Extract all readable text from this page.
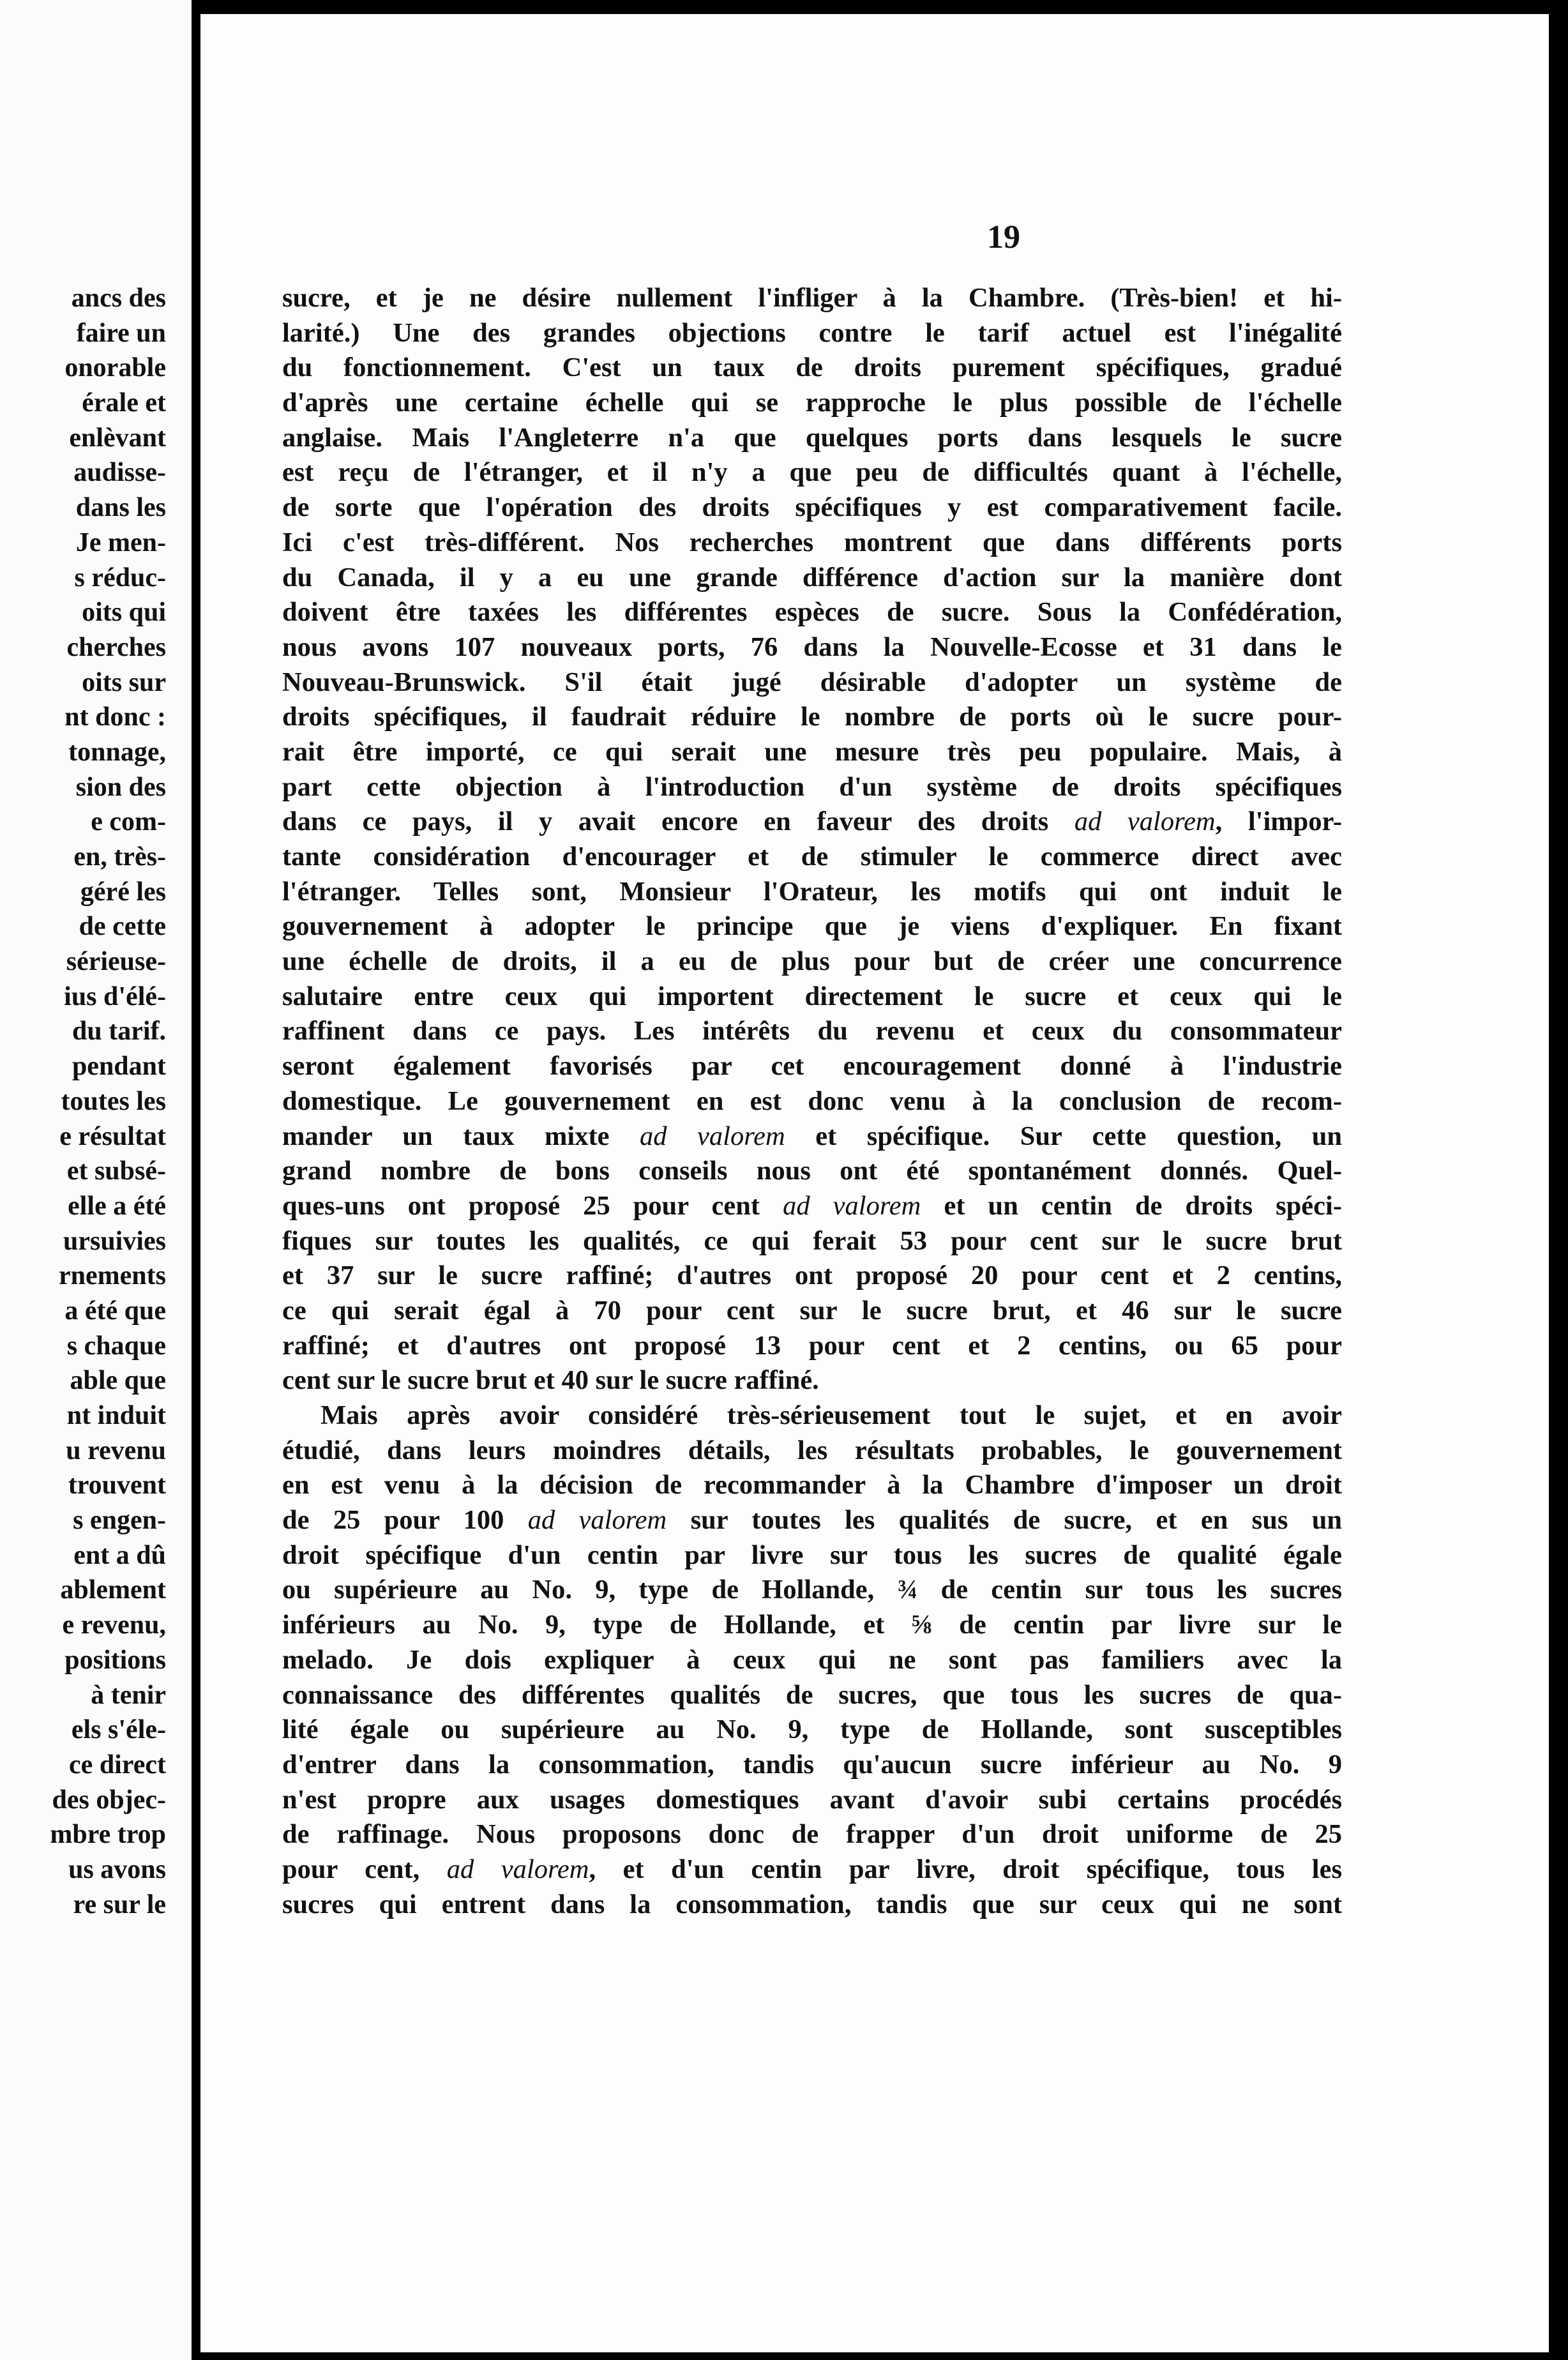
ancs des
faire un
onorable
érale et
enlèvant
audisse-
dans les
Je men-
s réduc-
oits qui
cherches
oits sur
nt donc :
tonnage,
sion des
e com-
en, très-
géré les
de cette
sérieuse-
ius d'élé-
du tarif.
pendant
toutes les
e résultat
et subsé-
elle a été
ursuivies
rnements
a été que
s chaque
able que
nt induit
u revenu
trouvent
s engen-
ent a dû
ablement
e revenu,
positions
à tenir
els s'éle-
ce direct
des objec-
mbre trop
us avons
re sur le
19
sucre, et je ne désire nullement l'infliger à la Chambre. (Très-bien! et hi-
larité.) Une des grandes objections contre le tarif actuel est l'inégalité
du fonctionnement. C'est un taux de droits purement spécifiques, gradué
d'après une certaine échelle qui se rapproche le plus possible de l'échelle
anglaise. Mais l'Angleterre n'a que quelques ports dans lesquels le sucre
est reçu de l'étranger, et il n'y a que peu de difficultés quant à l'échelle,
de sorte que l'opération des droits spécifiques y est comparativement facile.
Ici c'est très-différent. Nos recherches montrent que dans différents ports
du Canada, il y a eu une grande différence d'action sur la manière dont
doivent être taxées les différentes espèces de sucre. Sous la Confédération,
nous avons 107 nouveaux ports, 76 dans la Nouvelle-Ecosse et 31 dans le
Nouveau-Brunswick. S'il était jugé désirable d'adopter un système de
droits spécifiques, il faudrait réduire le nombre de ports où le sucre pour-
rait être importé, ce qui serait une mesure très peu populaire. Mais, à
part cette objection à l'introduction d'un système de droits spécifiques
dans ce pays, il y avait encore en faveur des droits ad valorem, l'impor-
tante considération d'encourager et de stimuler le commerce direct avec
l'étranger. Telles sont, Monsieur l'Orateur, les motifs qui ont induit le
gouvernement à adopter le principe que je viens d'expliquer. En fixant
une échelle de droits, il a eu de plus pour but de créer une concurrence
salutaire entre ceux qui importent directement le sucre et ceux qui le
raffinent dans ce pays. Les intérêts du revenu et ceux du consommateur
seront également favorisés par cet encouragement donné à l'industrie
domestique. Le gouvernement en est donc venu à la conclusion de recom-
mander un taux mixte ad valorem et spécifique. Sur cette question, un
grand nombre de bons conseils nous ont été spontanément donnés. Quel-
ques-uns ont proposé 25 pour cent ad valorem et un centin de droits spéci-
fiques sur toutes les qualités, ce qui ferait 53 pour cent sur le sucre brut
et 37 sur le sucre raffiné; d'autres ont proposé 20 pour cent et 2 centins,
ce qui serait égal à 70 pour cent sur le sucre brut, et 46 sur le sucre
raffiné; et d'autres ont proposé 13 pour cent et 2 centins, ou 65 pour
cent sur le sucre brut et 40 sur le sucre raffiné.
Mais après avoir considéré très-sérieusement tout le sujet, et en avoir
étudié, dans leurs moindres détails, les résultats probables, le gouvernement
en est venu à la décision de recommander à la Chambre d'imposer un droit
de 25 pour 100 ad valorem sur toutes les qualités de sucre, et en sus un
droit spécifique d'un centin par livre sur tous les sucres de qualité égale
ou supérieure au No. 9, type de Hollande, ¾ de centin sur tous les sucres
inférieurs au No. 9, type de Hollande, et ⅝ de centin par livre sur le
melado. Je dois expliquer à ceux qui ne sont pas familiers avec la
connaissance des différentes qualités de sucres, que tous les sucres de qua-
lité égale ou supérieure au No. 9, type de Hollande, sont susceptibles
d'entrer dans la consommation, tandis qu'aucun sucre inférieur au No. 9
n'est propre aux usages domestiques avant d'avoir subi certains procédés
de raffinage. Nous proposons donc de frapper d'un droit uniforme de 25
pour cent, ad valorem, et d'un centin par livre, droit spécifique, tous les
sucres qui entrent dans la consommation, tandis que sur ceux qui ne sont
